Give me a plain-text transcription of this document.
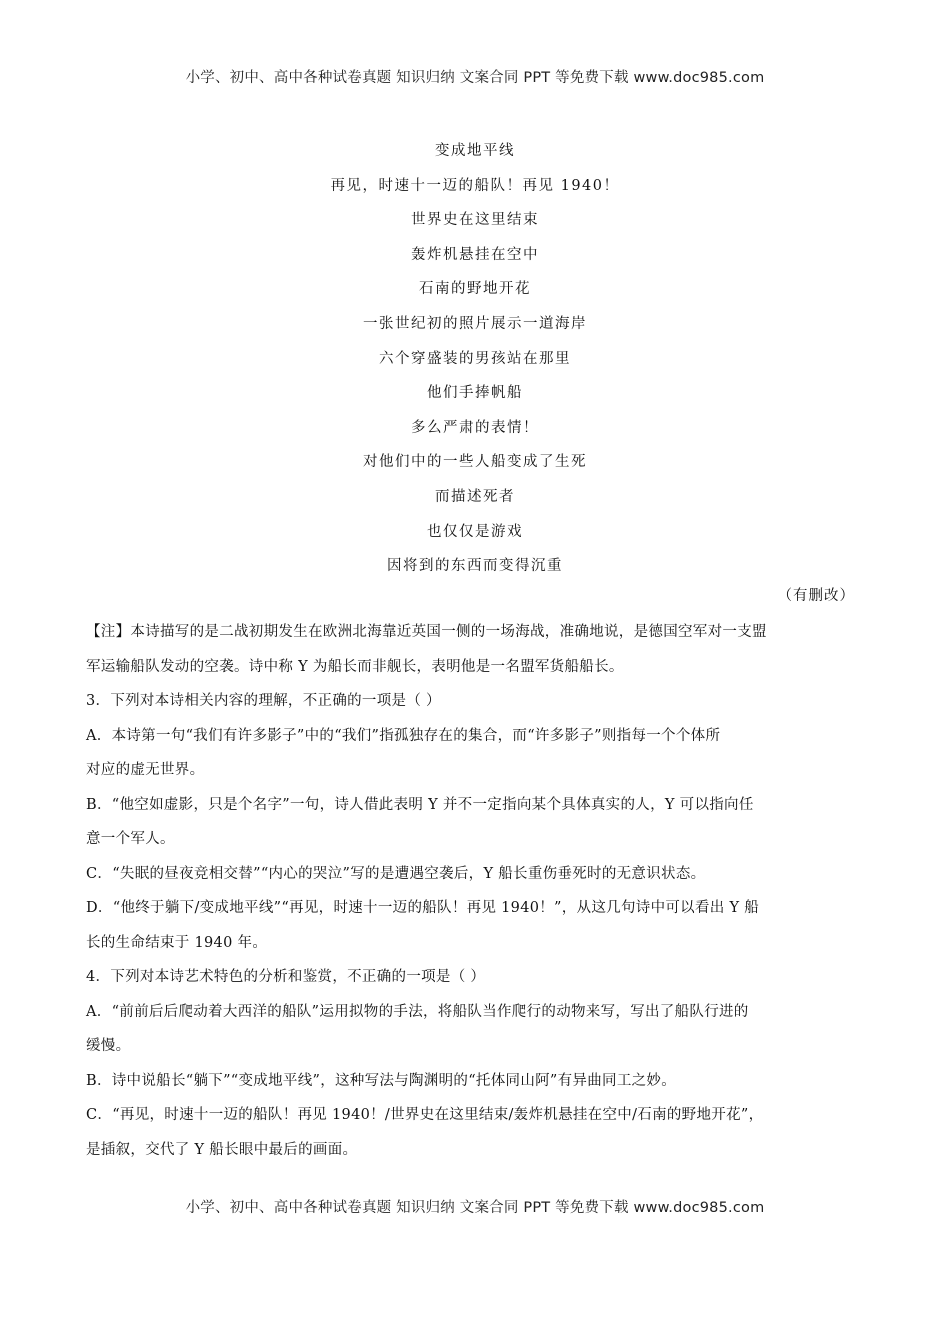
小学、初中、高中各种试卷真题 知识归纳 文案合同 PPT 等免费下载 www.doc985.com
变成地平线
再见，时速十一迈的船队！再见 1940！
世界史在这里结束
轰炸机悬挂在空中
石南的野地开花
一张世纪初的照片展示一道海岸
六个穿盛装的男孩站在那里
他们手捧帆船
多么严肃的表情！
对他们中的一些人船变成了生死
而描述死者
也仅仅是游戏
因将到的东西而变得沉重
（有删改）

【注】本诗描写的是二战初期发生在欧洲北海靠近英国一侧的一场海战，准确地说，是德国空军对一支盟

军运输船队发动的空袭。诗中称 Y 为船长而非舰长，表明他是一名盟军货船船长。

3．下列对本诗相关内容的理解，不正确的一项是（ ）

A．本诗第一句“我们有许多影子”中的“我们”指孤独存在的集合，而“许多影子”则指每一个个体所

对应的虚无世界。

B．“他空如虚影，只是个名字”一句，诗人借此表明 Y 并不一定指向某个具体真实的人，Y 可以指向任

意一个军人。

C．“失眠的昼夜竞相交替”“内心的哭泣”写的是遭遇空袭后，Y 船长重伤垂死时的无意识状态。

D．“他终于躺下/变成地平线”“再见，时速十一迈的船队！再见 1940！”，从这几句诗中可以看出 Y 船

长的生命结束于 1940 年。

4．下列对本诗艺术特色的分析和鉴赏，不正确的一项是（ ）

A．“前前后后爬动着大西洋的船队”运用拟物的手法，将船队当作爬行的动物来写，写出了船队行进的

缓慢。

B．诗中说船长“躺下”“变成地平线”，这种写法与陶渊明的“托体同山阿”有异曲同工之妙。

C．“再见，时速十一迈的船队！再见 1940！/世界史在这里结束/轰炸机悬挂在空中/石南的野地开花”，

是插叙，交代了 Y 船长眼中最后的画面。

小学、初中、高中各种试卷真题 知识归纳 文案合同 PPT 等免费下载 www.doc985.com
